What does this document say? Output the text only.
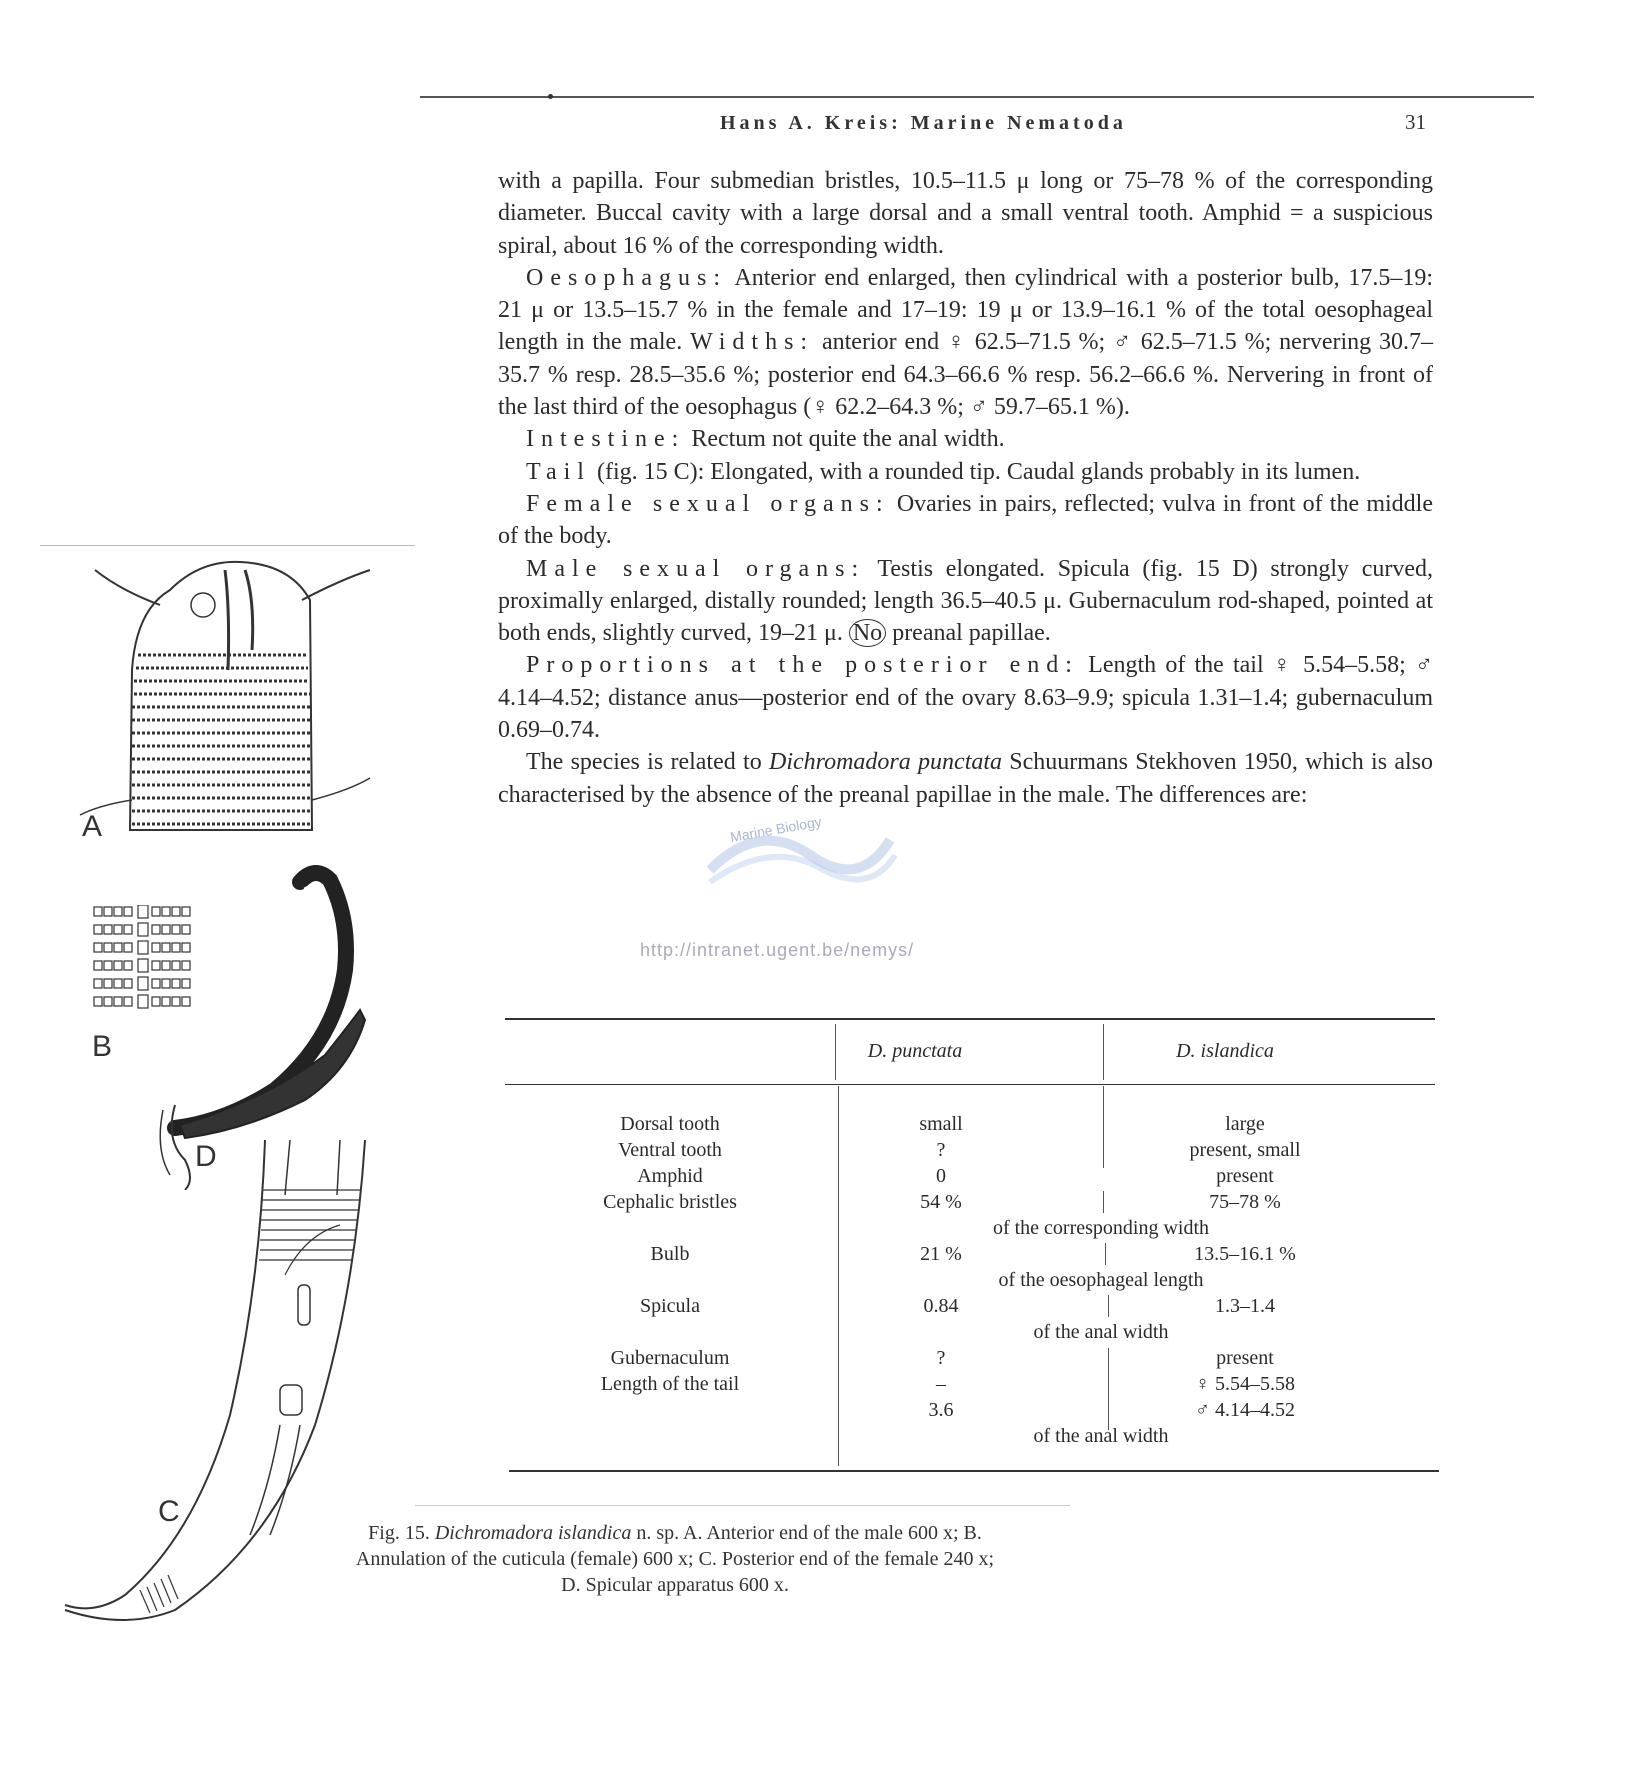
Hans A. Kreis: Marine Nematoda	31

with a papilla. Four submedian bristles, 10.5–11.5 μ long or 75–78 % of the corresponding diameter. Buccal cavity with a large dorsal and a small ventral tooth. Amphid = a suspicious spiral, about 16 % of the corresponding width.

Oesophagus: Anterior end enlarged, then cylindrical with a posterior bulb, 17.5–19: 21 μ or 13.5–15.7 % in the female and 17–19: 19 μ or 13.9–16.1 % of the total oesophageal length in the male. Widths: anterior end ♀ 62.5–71.5 %; ♂ 62.5–71.5 %; nervering 30.7–35.7 % resp. 28.5–35.6 %; posterior end 64.3–66.6 % resp. 56.2–66.6 %. Nervering in front of the last third of the oesophagus (♀ 62.2–64.3 %; ♂ 59.7–65.1 %).

Intestine: Rectum not quite the anal width.

Tail (fig. 15 C): Elongated, with a rounded tip. Caudal glands probably in its lumen.

Female sexual organs: Ovaries in pairs, reflected; vulva in front of the middle of the body.

Male sexual organs: Testis elongated. Spicula (fig. 15 D) strongly curved, proximally enlarged, distally rounded; length 36.5–40.5 μ. Gubernaculum rod-shaped, pointed at both ends, slightly curved, 19–21 μ. No preanal papillae.

Proportions at the posterior end: Length of the tail ♀ 5.54–5.58; ♂ 4.14–4.52; distance anus—posterior end of the ovary 8.63–9.9; spicula 1.31–1.4; gubernaculum 0.69–0.74.

The species is related to Dichromadora punctata Schuurmans Stekhoven 1950, which is also characterised by the absence of the preanal papillae in the male. The differences are:

Marine Biology
http://intranet.ugent.be/nemys/
A
B
D
C
D. punctata	D. islandica
Dorsal tooth	small	large
Ventral tooth	?	present, small
Amphid	0	present
Cephalic bristles	54 %	75–78 %
of the corresponding width
Bulb	21 %	13.5–16.1 %
of the oesophageal length
Spicula	0.84	1.3–1.4
of the anal width
Gubernaculum	?	present
Length of the tail	–	♀ 5.54–5.58
3.6	♂ 4.14–4.52
of the anal width
Fig. 15. Dichromadora islandica n. sp. A. Anterior end of the male 600 x; B. Annulation of the cuticula (female) 600 x; C. Posterior end of the female 240 x; D. Spicular apparatus 600 x.
